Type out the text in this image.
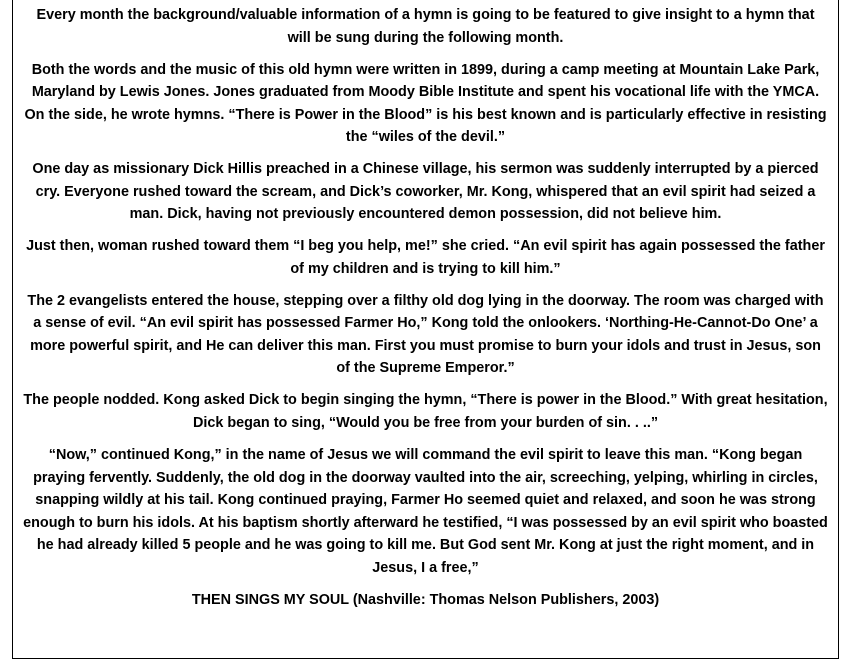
Every month the background/valuable information of a hymn is going to be featured to give insight to a hymn that will be sung during the following month.

Both the words and the music of this old hymn were written in 1899, during a camp meeting at Mountain Lake Park, Maryland by Lewis Jones. Jones graduated from Moody Bible Institute and spent his vocational life with the YMCA. On the side, he wrote hymns. “There is Power in the Blood” is his best known and is particularly effective in resisting the “wiles of the devil.”

One day as missionary Dick Hillis preached in a Chinese village, his sermon was suddenly interrupted by a pierced cry. Everyone rushed toward the scream, and Dick’s coworker, Mr. Kong, whispered that an evil spirit had seized a man. Dick, having not previously encountered demon possession, did not believe him.

Just then, woman rushed toward them “I beg you help, me!” she cried. “An evil spirit has again possessed the father of my children and is trying to kill him.”

The 2 evangelists entered the house, stepping over a filthy old dog lying in the doorway. The room was charged with a sense of evil. “An evil spirit has possessed Farmer Ho,” Kong told the onlookers. ‘Northing-He-Cannot-Do One’ a more powerful spirit, and He can deliver this man. First you must promise to burn your idols and trust in Jesus, son of the Supreme Emperor.”

The people nodded. Kong asked Dick to begin singing the hymn, “There is power in the Blood.” With great hesitation, Dick began to sing, “Would you be free from your burden of sin. . ..”

“Now,” continued Kong,” in the name of Jesus we will command the evil spirit to leave this man. “Kong began praying fervently. Suddenly, the old dog in the doorway vaulted into the air, screeching, yelping, whirling in circles, snapping wildly at his tail. Kong continued praying, Farmer Ho seemed quiet and relaxed, and soon he was strong enough to burn his idols. At his baptism shortly afterward he testified, “I was possessed by an evil spirit who boasted he had already killed 5 people and he was going to kill me. But God sent Mr. Kong at just the right moment, and in Jesus, I a free,”

THEN SINGS MY SOUL (Nashville: Thomas Nelson Publishers, 2003)
